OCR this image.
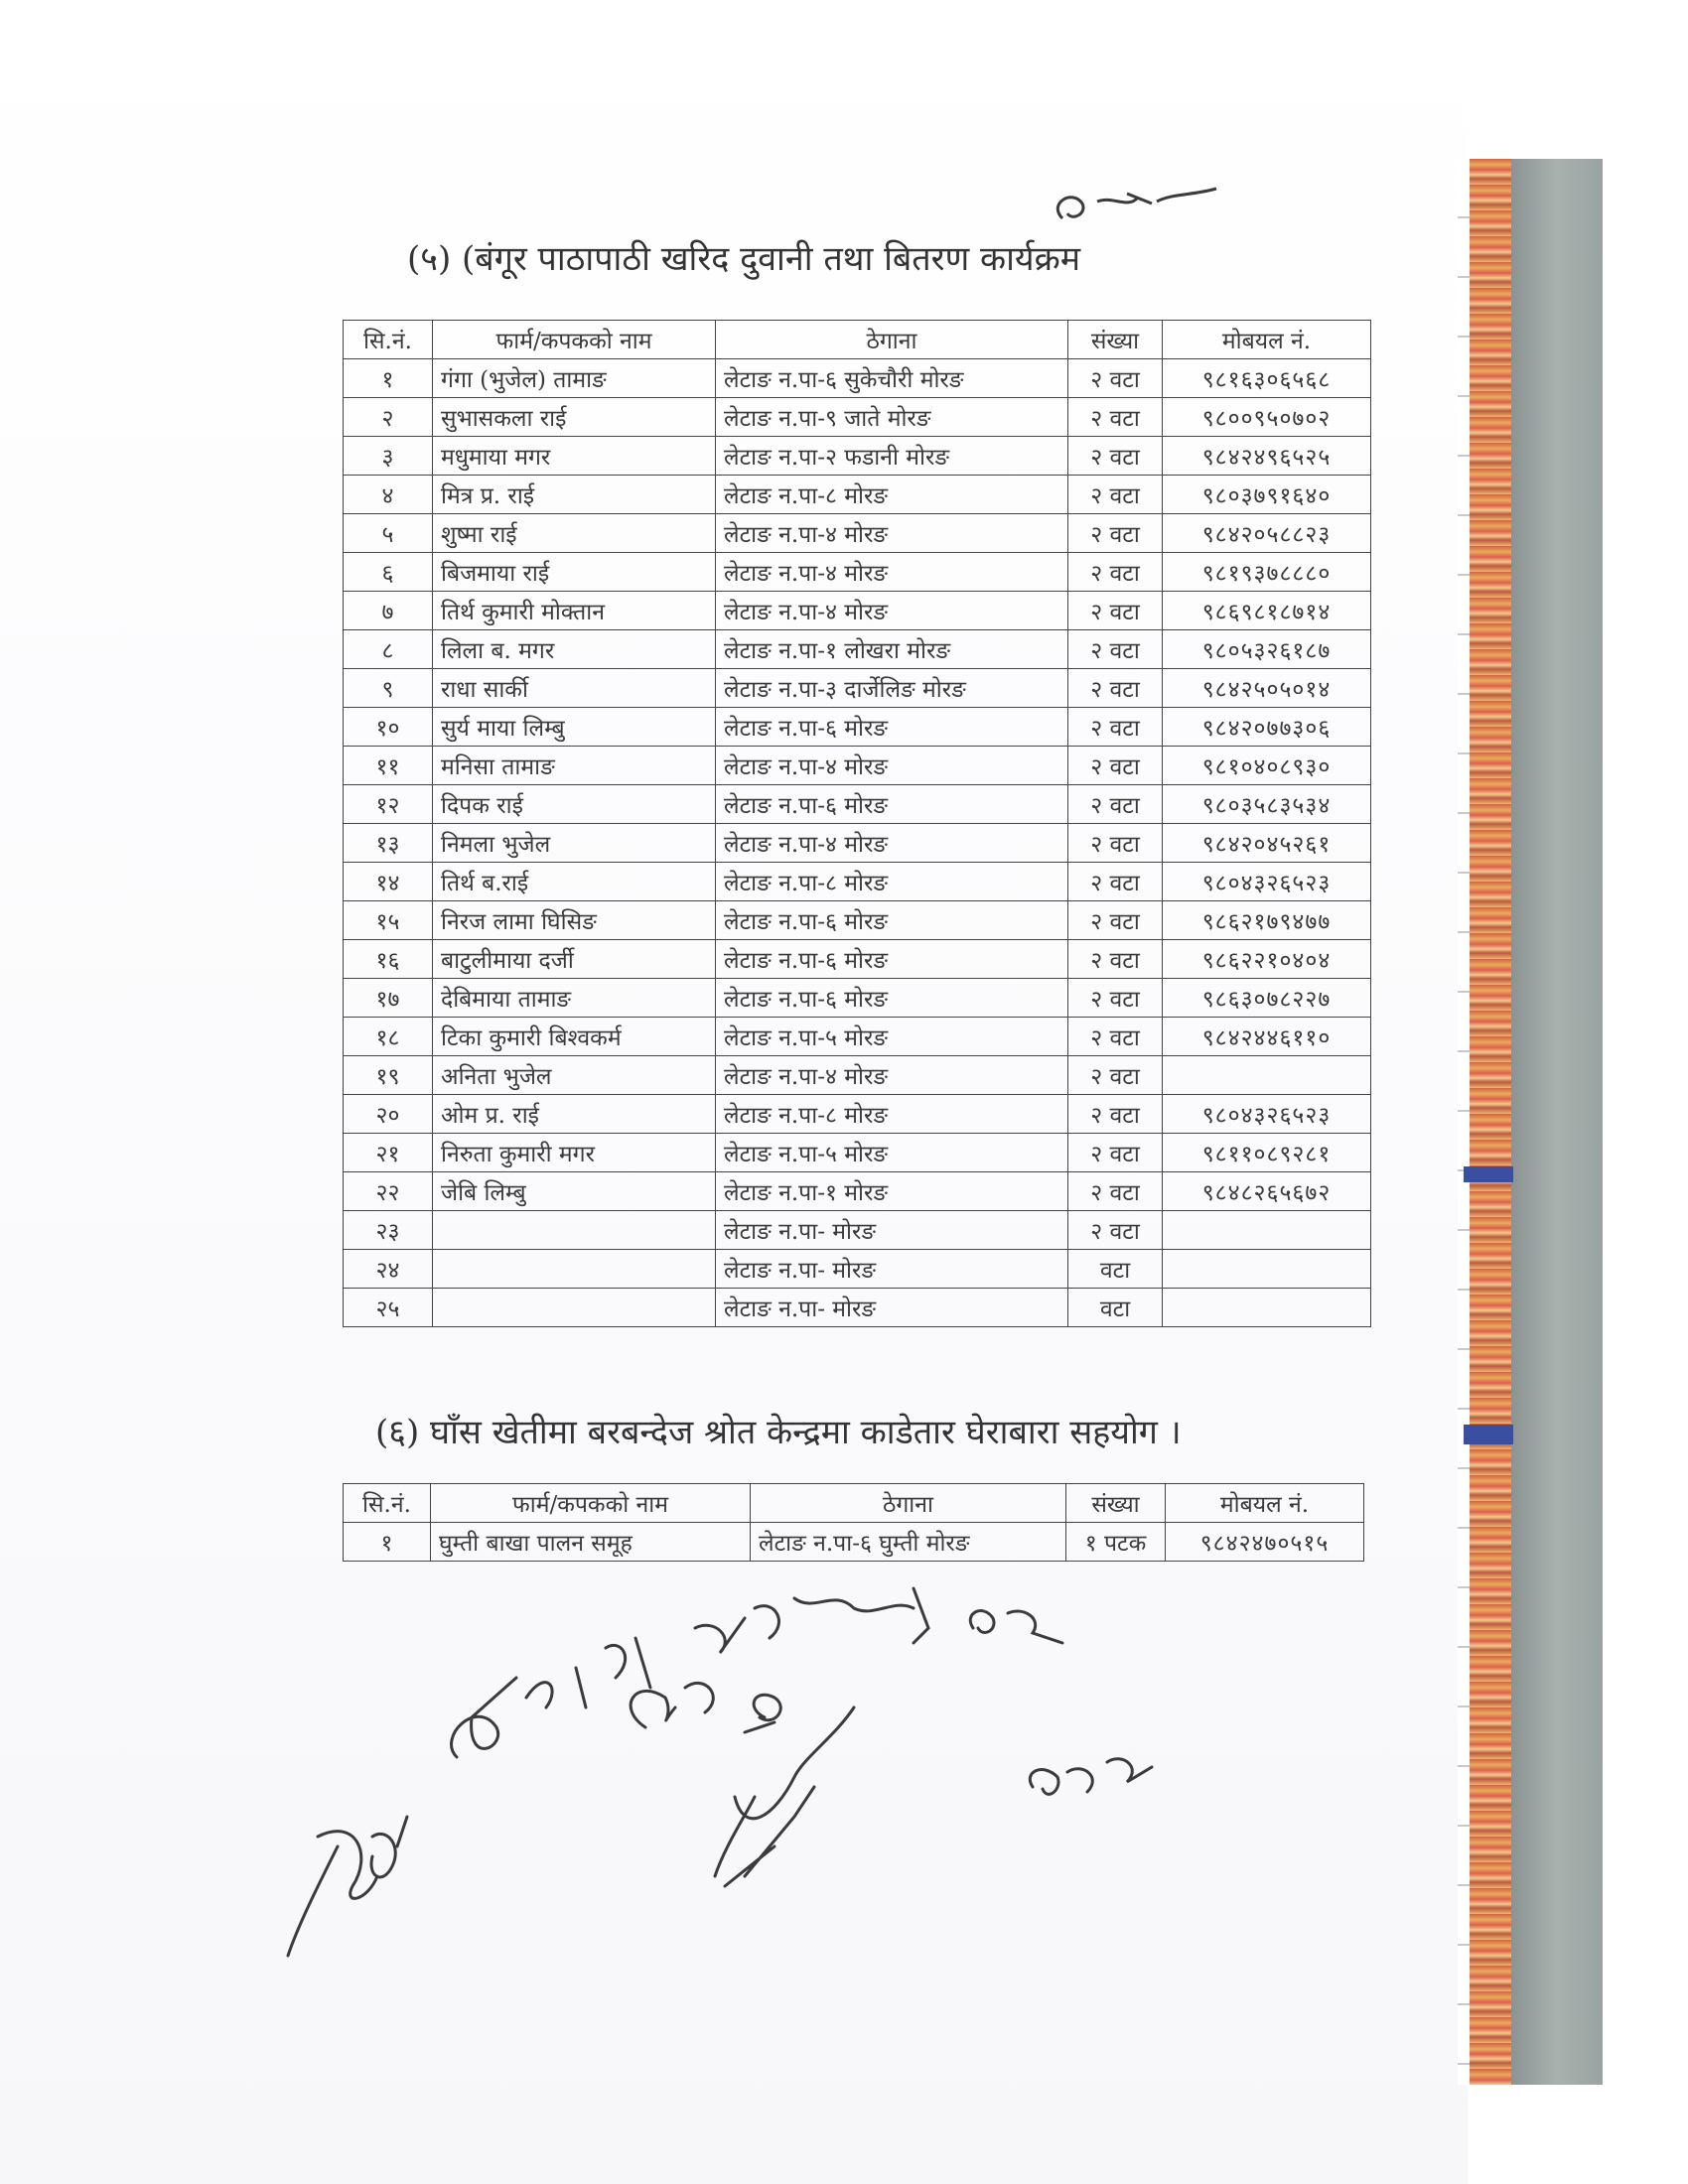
(५) (बंगूर पाठापाठी खरिद दुवानी तथा बितरण कार्यक्रम
सि.नं.	फार्म/कपकको नाम	ठेगाना	संख्या	मोबयल नं.
१	गंगा (भुजेल) तामाङ	लेटाङ न.पा-६ सुकेचौरी मोरङ	२ वटा	९८१६३०६५६८
२	सुभासकला राई	लेटाङ न.पा-९ जाते मोरङ	२ वटा	९८००९५०७०२
३	मधुमाया मगर	लेटाङ न.पा-२ फडानी मोरङ	२ वटा	९८४२४९६५२५
४	मित्र प्र. राई	लेटाङ न.पा-८ मोरङ	२ वटा	९८०३७९१६४०
५	शुष्मा राई	लेटाङ न.पा-४ मोरङ	२ वटा	९८४२०५८८२३
६	बिजमाया राई	लेटाङ न.पा-४ मोरङ	२ वटा	९८१९३७८८८०
७	तिर्थ कुमारी मोक्तान	लेटाङ न.पा-४ मोरङ	२ वटा	९८६९८१८७१४
८	लिला ब. मगर	लेटाङ न.पा-१ लोखरा मोरङ	२ वटा	९८०५३२६१८७
९	राधा सार्की	लेटाङ न.पा-३ दार्जेलिङ मोरङ	२ वटा	९८४२५०५०१४
१०	सुर्य माया लिम्बु	लेटाङ न.पा-६ मोरङ	२ वटा	९८४२०७७३०६
११	मनिसा तामाङ	लेटाङ न.पा-४ मोरङ	२ वटा	९८१०४०८९३०
१२	दिपक राई	लेटाङ न.पा-६ मोरङ	२ वटा	९८०३५८३५३४
१३	निमला भुजेल	लेटाङ न.पा-४ मोरङ	२ वटा	९८४२०४५२६१
१४	तिर्थ ब.राई	लेटाङ न.पा-८ मोरङ	२ वटा	९८०४३२६५२३
१५	निरज लामा घिसिङ	लेटाङ न.पा-६ मोरङ	२ वटा	९८६२१७९४७७
१६	बाटुलीमाया दर्जी	लेटाङ न.पा-६ मोरङ	२ वटा	९८६२२१०४०४
१७	देबिमाया तामाङ	लेटाङ न.पा-६ मोरङ	२ वटा	९८६३०७८२२७
१८	टिका कुमारी बिश्वकर्म	लेटाङ न.पा-५ मोरङ	२ वटा	९८४२४४६११०
१९	अनिता भुजेल	लेटाङ न.पा-४ मोरङ	२ वटा	
२०	ओम प्र. राई	लेटाङ न.पा-८ मोरङ	२ वटा	९८०४३२६५२३
२१	निरुता कुमारी मगर	लेटाङ न.पा-५ मोरङ	२ वटा	९८११०८९२८१
२२	जेबि लिम्बु	लेटाङ न.पा-१ मोरङ	२ वटा	९८४८२६५६७२
२३		लेटाङ न.पा- मोरङ	२ वटा	
२४		लेटाङ न.पा- मोरङ	वटा	
२५		लेटाङ न.पा- मोरङ	वटा	
(६) घाँस खेतीमा बरबन्देज श्रोत केन्द्रमा काडेतार घेराबारा सहयोग ।
सि.नं.	फार्म/कपकको नाम	ठेगाना	संख्या	मोबयल नं.
१	घुम्ती बाखा पालन समूह	लेटाङ न.पा-६ घुम्ती मोरङ	१ पटक	९८४२४७०५१५
